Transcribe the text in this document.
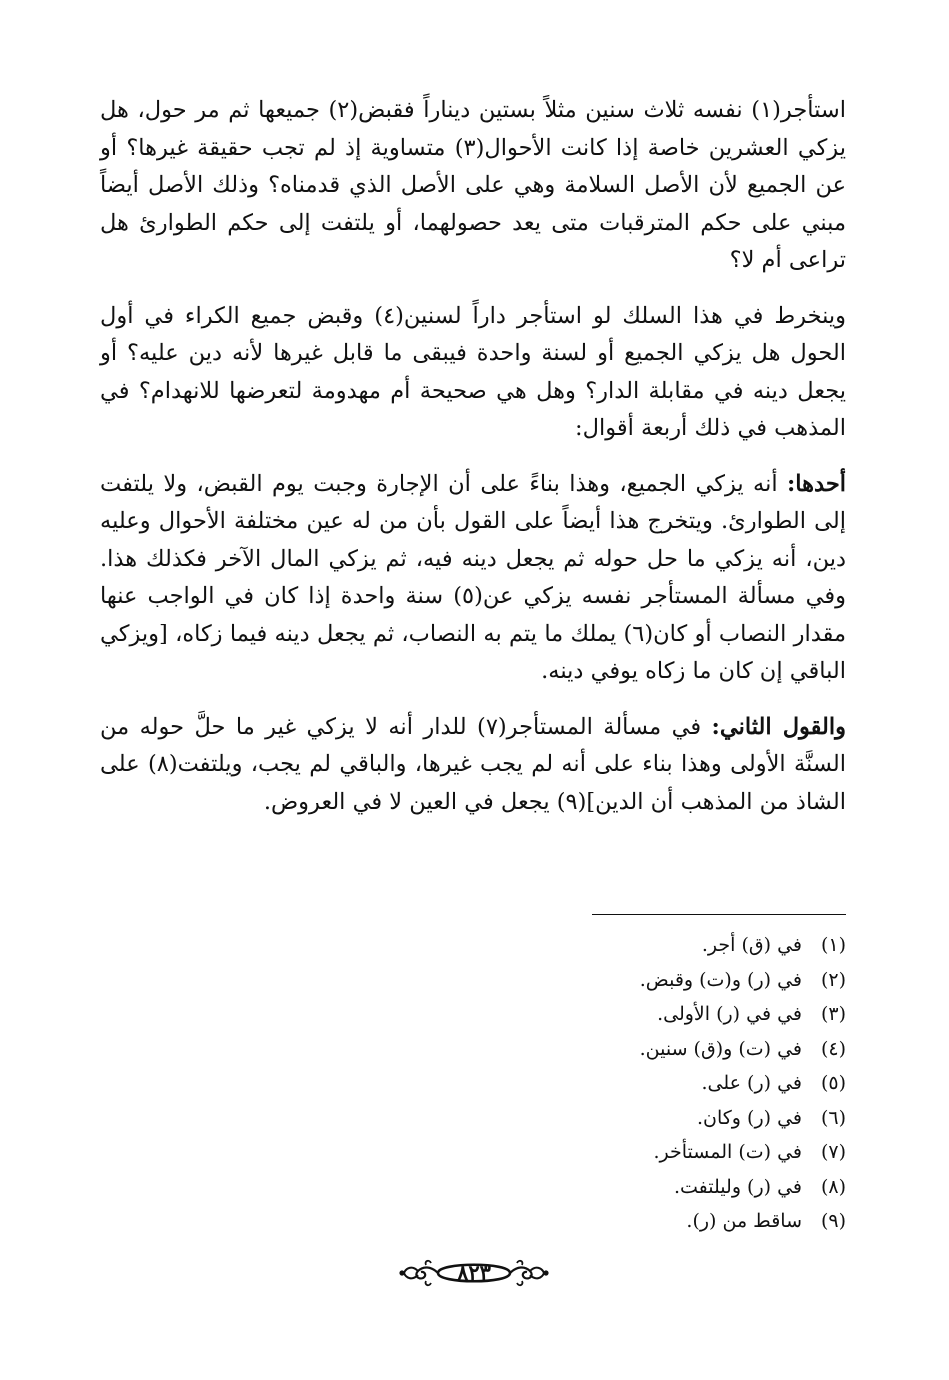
استأجر(١) نفسه ثلاث سنين مثلاً بستين ديناراً فقبض(٢) جميعها ثم مر حول، هل يزكي العشرين خاصة إذا كانت الأحوال(٣) متساوية إذ لم تجب حقيقة غيرها؟ أو عن الجميع لأن الأصل السلامة وهي على الأصل الذي قدمناه؟ وذلك الأصل أيضاً مبني على حكم المترقبات متى يعد حصولهما، أو يلتفت إلى حكم الطوارئ هل تراعى أم لا؟

وينخرط في هذا السلك لو استأجر داراً لسنين(٤) وقبض جميع الكراء في أول الحول هل يزكي الجميع أو لسنة واحدة فيبقى ما قابل غيرها لأنه دين عليه؟ أو يجعل دينه في مقابلة الدار؟ وهل هي صحيحة أم مهدومة لتعرضها للانهدام؟ في المذهب في ذلك أربعة أقوال:

أحدها: أنه يزكي الجميع، وهذا بناءً على أن الإجارة وجبت يوم القبض، ولا يلتفت إلى الطوارئ. ويتخرج هذا أيضاً على القول بأن من له عين مختلفة الأحوال وعليه دين، أنه يزكي ما حل حوله ثم يجعل دينه فيه، ثم يزكي المال الآخر فكذلك هذا. وفي مسألة المستأجر نفسه يزكي عن(٥) سنة واحدة إذا كان في الواجب عنها مقدار النصاب أو كان(٦) يملك ما يتم به النصاب، ثم يجعل دينه فيما زكاه، [ويزكي الباقي إن كان ما زكاه يوفي دينه.

والقول الثاني: في مسألة المستأجر(٧) للدار أنه لا يزكي غير ما حلَّ حوله من السنَّة الأولى وهذا بناء على أنه لم يجب غيرها، والباقي لم يجب، ويلتفت(٨) على الشاذ من المذهب أن الدين](٩) يجعل في العين لا في العروض.

(١)
في (ق) أجر.
(٢)
في (ر) و(ت) وقبض.
(٣)
في في (ر) الأولى.
(٤)
في (ت) و(ق) سنين.
(٥)
في (ر) على.
(٦)
في (ر) وكان.
(٧)
في (ت) المستأخر.
(٨)
في (ر) وليلتفت.
(٩)
ساقط من (ر).
٨٢٣
